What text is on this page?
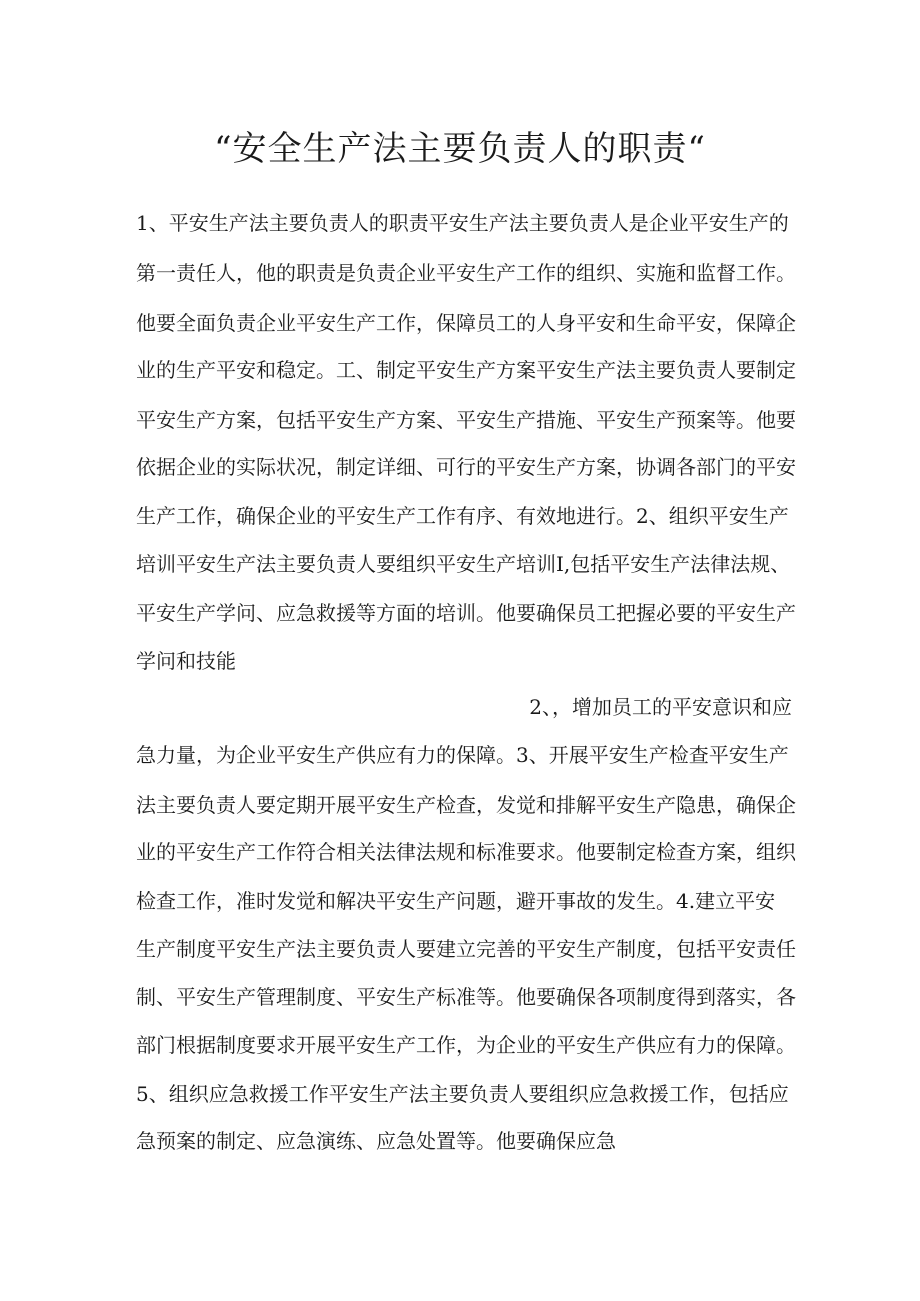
“安全生产法主要负责人的职责“
1、平安生产法主要负责人的职责平安生产法主要负责人是企业平安生产的
第一责任人，他的职责是负责企业平安生产工作的组织、实施和监督工作。
他要全面负责企业平安生产工作，保障员工的人身平安和生命平安，保障企
业的生产平安和稳定。工、制定平安生产方案平安生产法主要负责人要制定
平安生产方案，包括平安生产方案、平安生产措施、平安生产预案等。他要
依据企业的实际状况，制定详细、可行的平安生产方案，协调各部门的平安
生产工作，确保企业的平安生产工作有序、有效地进行。2、组织平安生产
培训平安生产法主要负责人要组织平安生产培训I,包括平安生产法律法规、
平安生产学问、应急救援等方面的培训。他要确保员工把握必要的平安生产
学问和技能
2、，增加员工的平安意识和应
急力量，为企业平安生产供应有力的保障。3、开展平安生产检查平安生产
法主要负责人要定期开展平安生产检查，发觉和排解平安生产隐患，确保企
业的平安生产工作符合相关法律法规和标准要求。他要制定检查方案，组织
检查工作，准时发觉和解决平安生产问题，避开事故的发生。4.建立平安
生产制度平安生产法主要负责人要建立完善的平安生产制度，包括平安责任
制、平安生产管理制度、平安生产标准等。他要确保各项制度得到落实，各
部门根据制度要求开展平安生产工作，为企业的平安生产供应有力的保障。
5、组织应急救援工作平安生产法主要负责人要组织应急救援工作，包括应
急预案的制定、应急演练、应急处置等。他要确保应急
